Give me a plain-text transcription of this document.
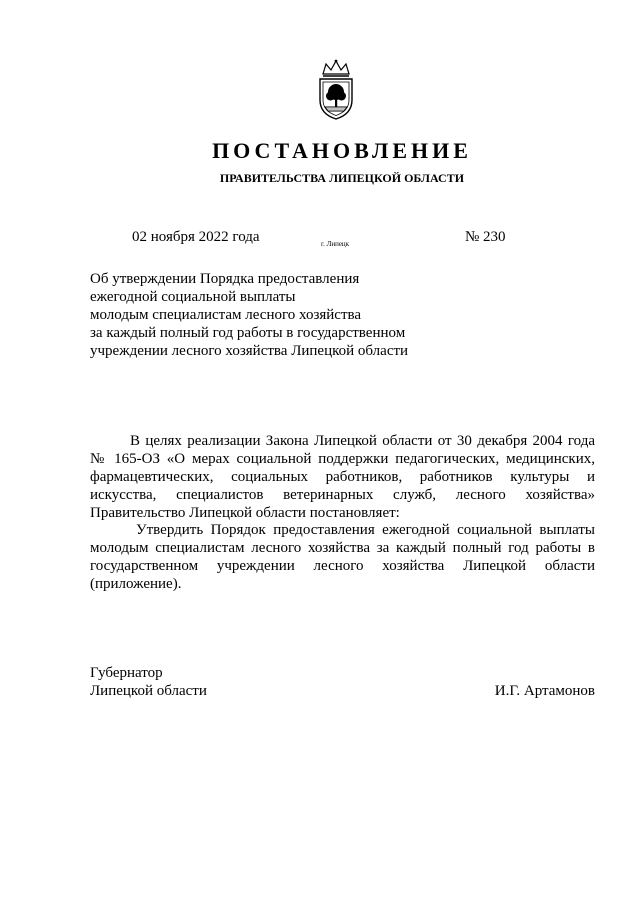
ПОСТАНОВЛЕНИЕ
ПРАВИТЕЛЬСТВА ЛИПЕЦКОЙ ОБЛАСТИ
02 ноября 2022 года	г. Липецк	№ 230
Об утверждении Порядка предоставления
ежегодной социальной выплаты
молодым специалистам лесного хозяйства
за каждый полный год работы в государственном
учреждении лесного хозяйства Липецкой области
В целях реализации Закона Липецкой области от 30 декабря 2004 года № 165-ОЗ «О мерах социальной поддержки педагогических, медицинских, фармацевтических, социальных работников, работников культуры и искусства, специалистов ветеринарных служб, лесного хозяйства» Правительство Липецкой области постановляет:
Утвердить Порядок предоставления ежегодной социальной выплаты молодым специалистам лесного хозяйства за каждый полный год работы в государственном учреждении лесного хозяйства Липецкой области (приложение).
Губернатор
Липецкой области	И.Г. Артамонов
